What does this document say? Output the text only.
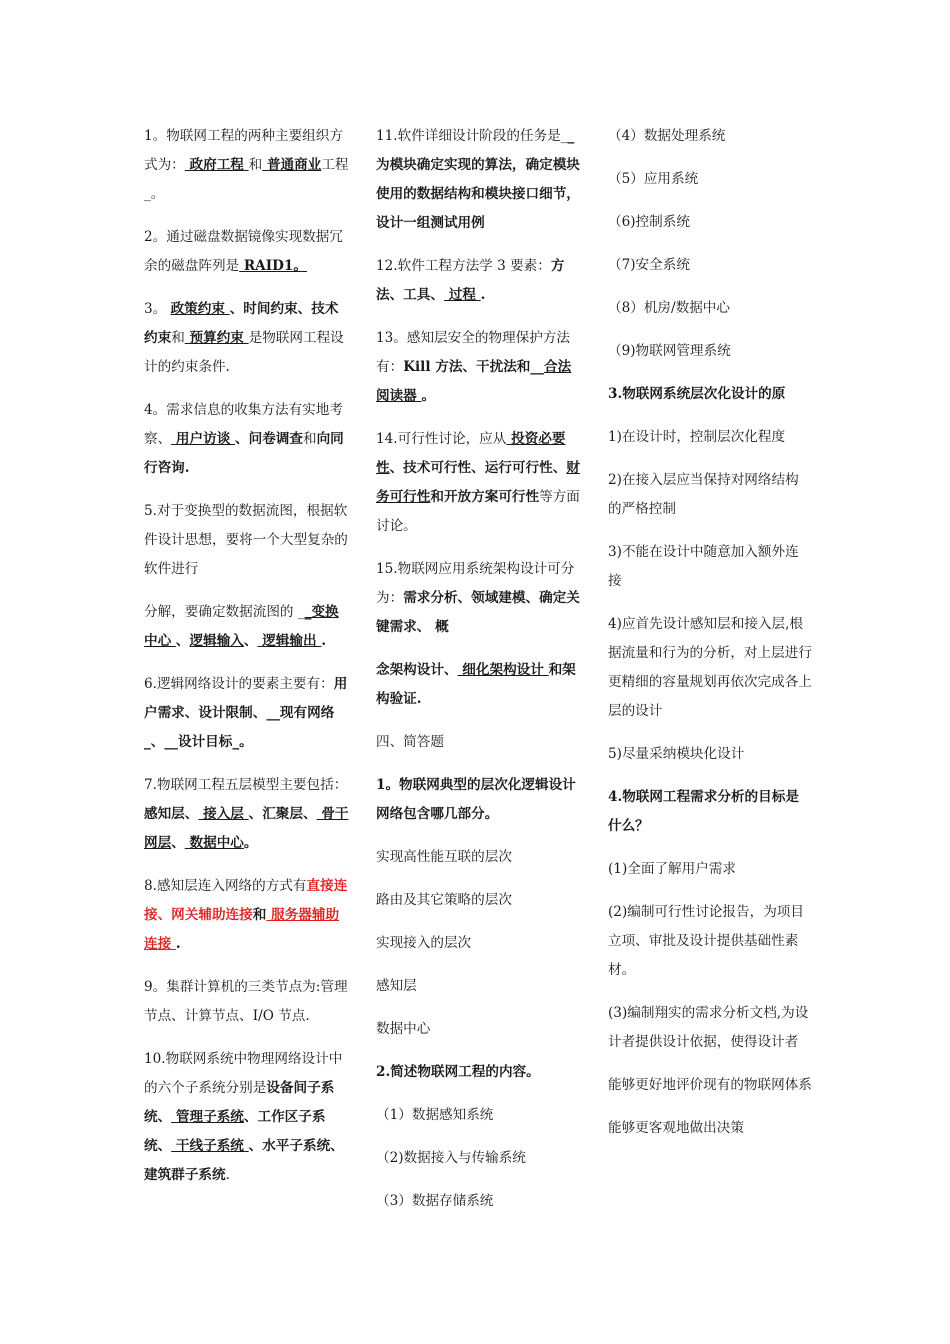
1。物联网工程的两种主要组织方式为： 政府工程 和 普通商业工程_。
2。通过磁盘数据镜像实现数据冗余的磁盘阵列是 RAID1。
3。 政策约束 、时间约束、技术约束和 预算约束 是物联网工程设计的约束条件.
4。需求信息的收集方法有实地考察、 用户访谈 、问卷调查和向同行咨询.
5.对于变换型的数据流图，根据软件设计思想，要将一个大型复杂的软件进行
分解，要确定数据流图的 __变换中心 、逻辑输入、 逻辑输出 .
6.逻辑网络设计的要素主要有：用户需求、设计限制、__现有网络_、__设计目标_。
7.物联网工程五层模型主要包括：感知层、 接入层 、汇聚层、 骨干网层、 数据中心。
8.感知层连入网络的方式有直接连接、网关辅助连接和 服务器辅助连接 .
9。集群计算机的三类节点为:管理节点、计算节点、I/O 节点.
10.物联网系统中物理网络设计中的六个子系统分别是设备间子系统、 管理子系统、工作区子系统、 干线子系统 、水平子系统、建筑群子系统.
11.软件详细设计阶段的任务是__为模块确定实现的算法，确定模块使用的数据结构和模块接口细节，设计一组测试用例
12.软件工程方法学 3 要素：方法、工具、 过程 .
13。感知层安全的物理保护方法有：Kill 方法、干扰法和__合法阅读器 。
14.可行性讨论，应从 投资必要性、技术可行性、运行可行性、财务可行性和开放方案可行性等方面讨论。
15.物联网应用系统架构设计可分为：需求分析、领域建模、确定关键需求、 概
念架构设计、 细化架构设计 和架构验证.
四、简答题
1。物联网典型的层次化逻辑设计网络包含哪几部分。
实现高性能互联的层次
路由及其它策略的层次
实现接入的层次
感知层
数据中心
2.简述物联网工程的内容。
（1）数据感知系统
（2)数据接入与传输系统
（3）数据存储系统
（4）数据处理系统
（5）应用系统
（6)控制系统
（7)安全系统
（8）机房/数据中心
（9)物联网管理系统
3.物联网系统层次化设计的原
1)在设计时，控制层次化程度
2)在接入层应当保持对网络结构的严格控制
3)不能在设计中随意加入额外连接
4)应首先设计感知层和接入层,根据流量和行为的分析，对上层进行更精细的容量规划再依次完成各上层的设计
5)尽量采纳模块化设计
4.物联网工程需求分析的目标是什么？
(1)全面了解用户需求
(2)编制可行性讨论报告，为项目立项、审批及设计提供基础性素材。
(3)编制翔实的需求分析文档,为设计者提供设计依据，使得设计者
能够更好地评价现有的物联网体系
能够更客观地做出决策
